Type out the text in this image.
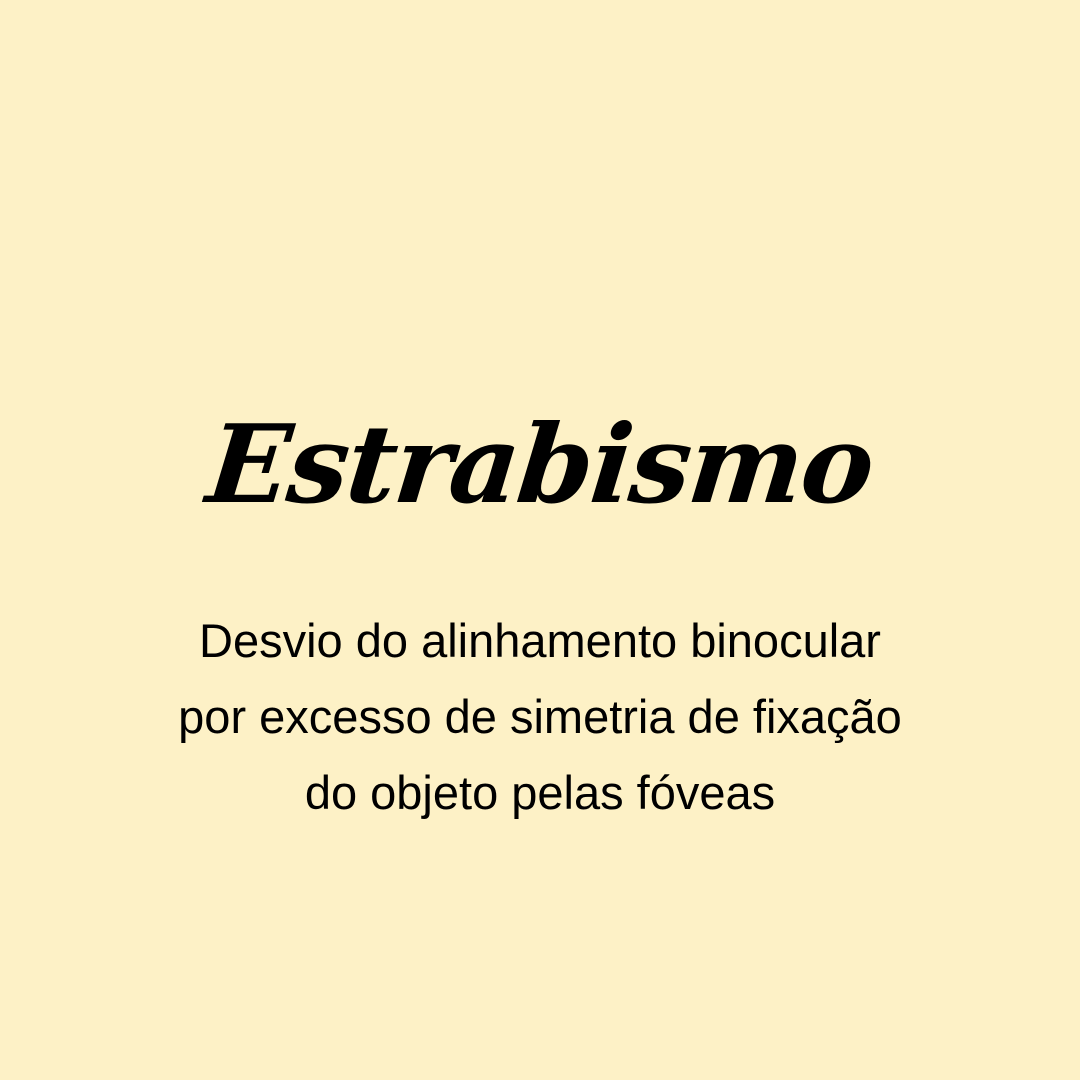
Estrabismo
Desvio do alinhamento binocular
por excesso de simetria de fixação
do objeto pelas fóveas
